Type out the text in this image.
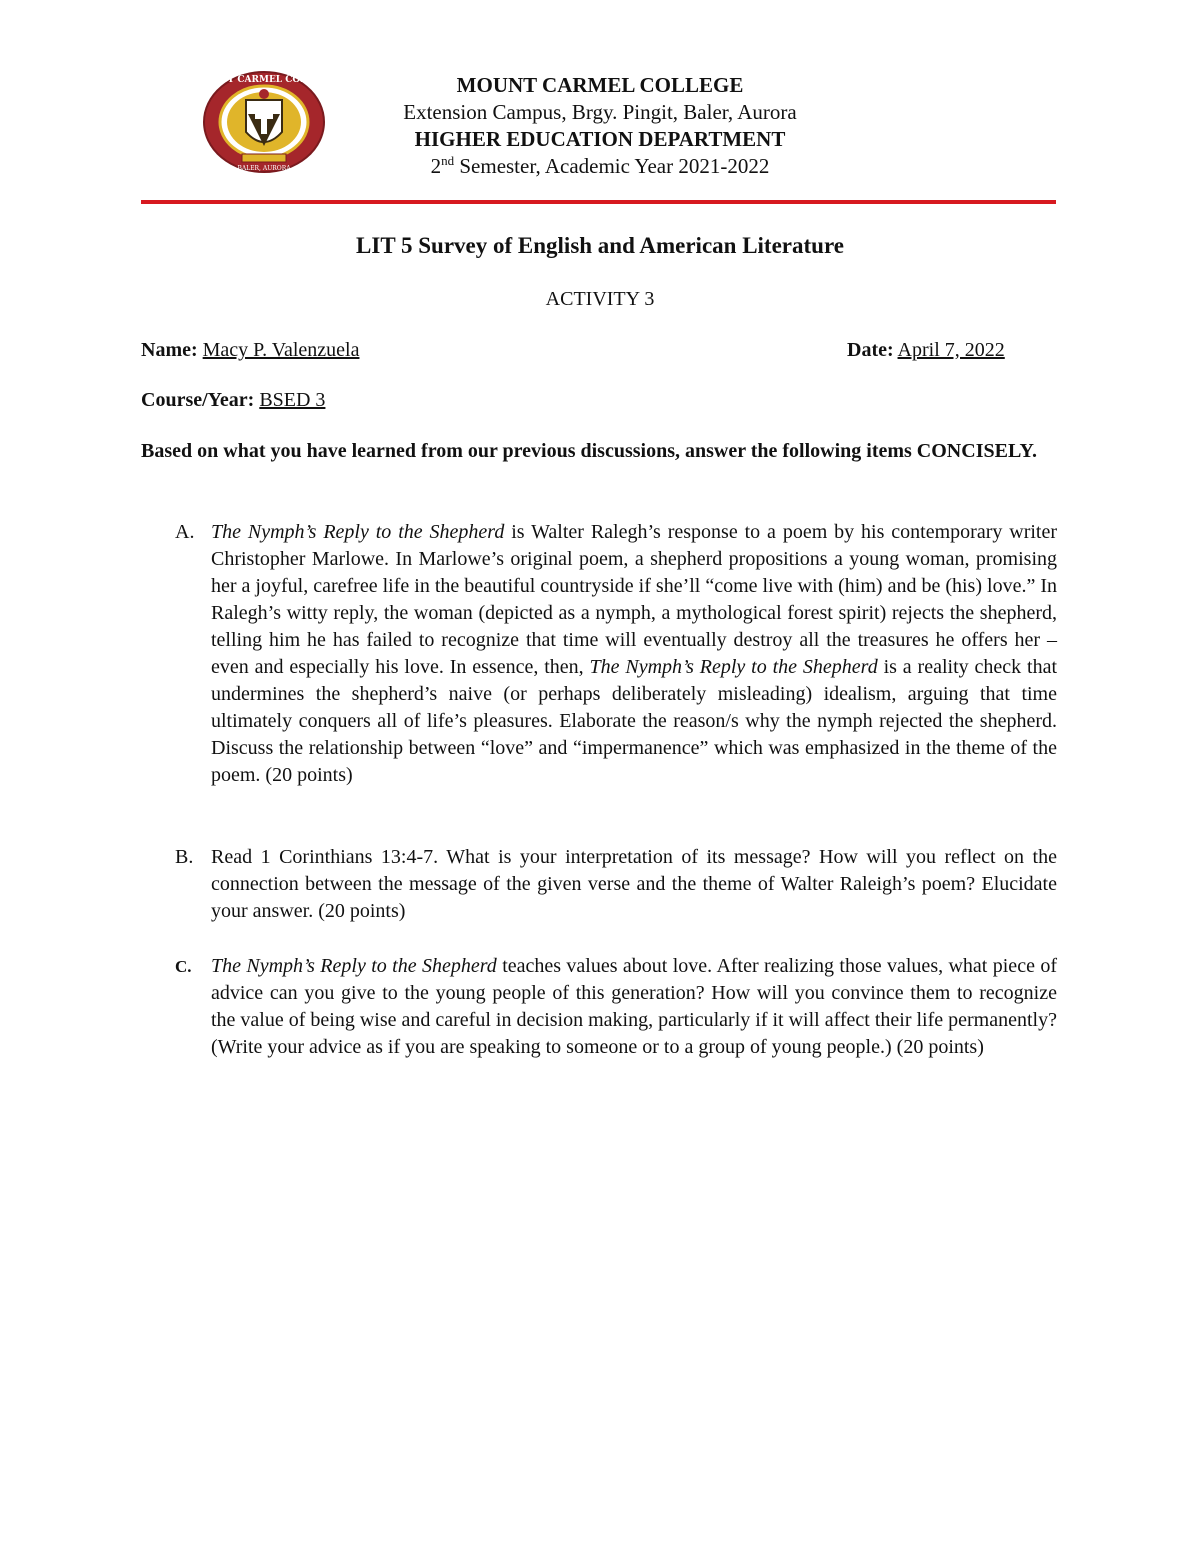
MOUNT CARMEL COLLEGE
BALER, AURORA
MOUNT CARMEL COLLEGE
Extension Campus, Brgy. Pingit, Baler, Aurora
HIGHER EDUCATION DEPARTMENT
2nd Semester, Academic Year 2021-2022
LIT 5 Survey of English and American Literature
ACTIVITY 3
Name: Macy P. Valenzuela	Date: April 7, 2022
Course/Year: BSED 3
Based on what you have learned from our previous discussions, answer the following items CONCISELY.
A. The Nymph’s Reply to the Shepherd is Walter Ralegh’s response to a poem by his contemporary writer Christopher Marlowe. In Marlowe’s original poem, a shepherd propositions a young woman, promising her a joyful, carefree life in the beautiful countryside if she’ll “come live with (him) and be (his) love.” In Ralegh’s witty reply, the woman (depicted as a nymph, a mythological forest spirit) rejects the shepherd, telling him he has failed to recognize that time will eventually destroy all the treasures he offers her – even and especially his love. In essence, then, The Nymph’s Reply to the Shepherd is a reality check that undermines the shepherd’s naive (or perhaps deliberately misleading) idealism, arguing that time ultimately conquers all of life’s pleasures. Elaborate the reason/s why the nymph rejected the shepherd. Discuss the relationship between “love” and “impermanence” which was emphasized in the theme of the poem. (20 points)
B. Read 1 Corinthians 13:4-7. What is your interpretation of its message? How will you reflect on the connection between the message of the given verse and the theme of Walter Raleigh’s poem? Elucidate your answer. (20 points)
C. The Nymph’s Reply to the Shepherd teaches values about love. After realizing those values, what piece of advice can you give to the young people of this generation? How will you convince them to recognize the value of being wise and careful in decision making, particularly if it will affect their life permanently? (Write your advice as if you are speaking to someone or to a group of young people.) (20 points)
